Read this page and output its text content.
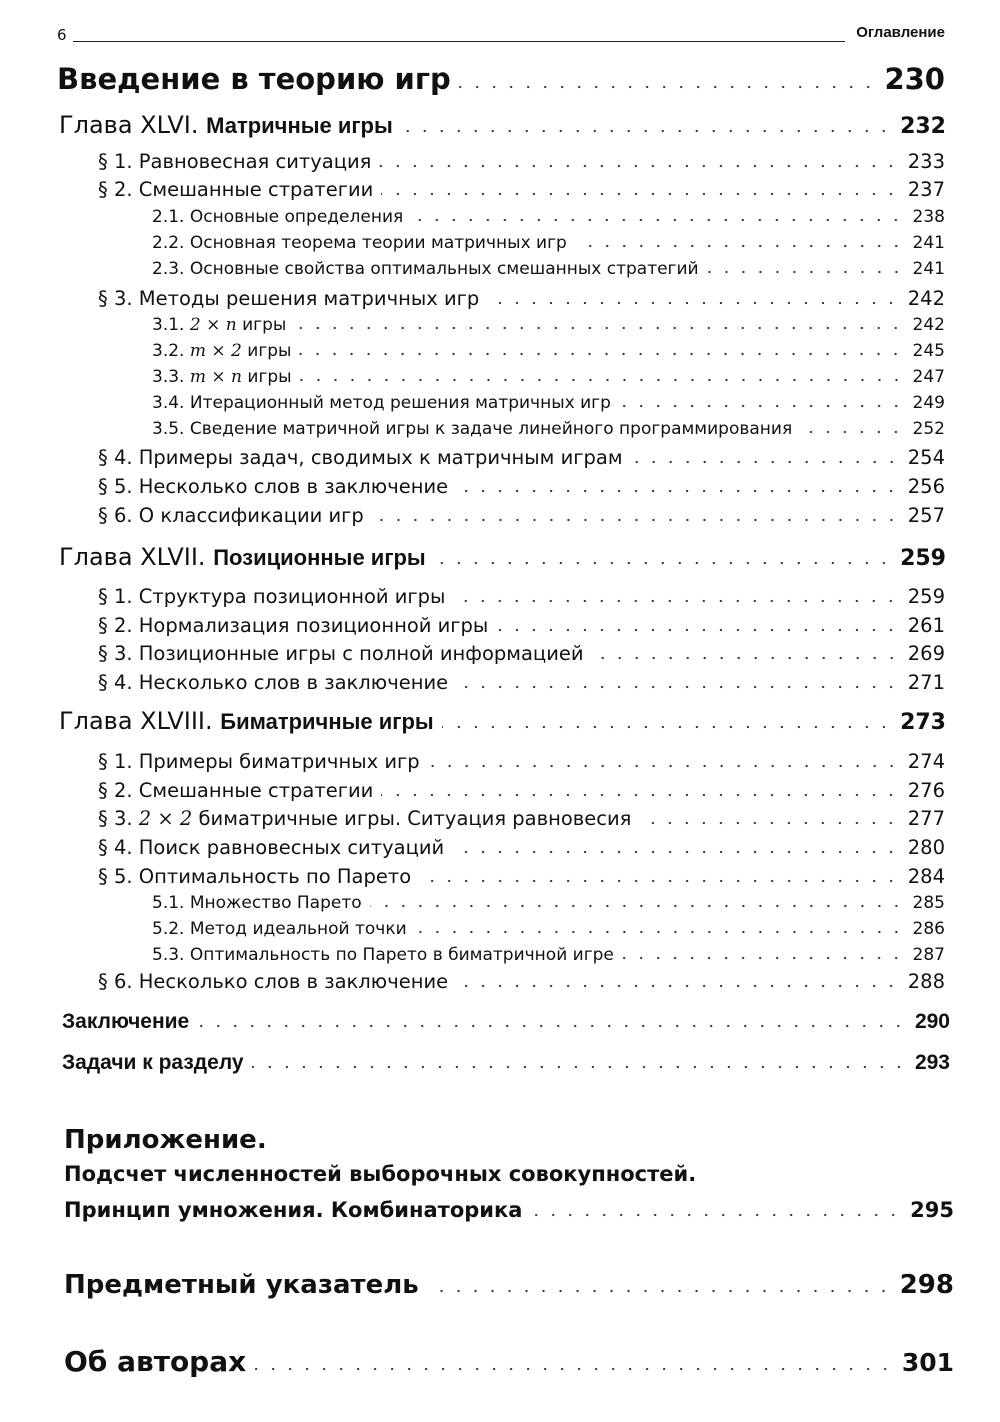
6	Оглавление
Введение в теорию игр	230
Глава XLVI. Матричные игры	232
§ 1. Равновесная ситуация	233
§ 2. Смешанные стратегии	237
2.1. Основные определения	238
2.2. Основная теорема теории матричных игр	241
2.3. Основные свойства оптимальных смешанных стратегий	241
§ 3. Методы решения матричных игр	242
3.1. 2 × n игры	242
3.2. m × 2 игры	245
3.3. m × n игры	247
3.4. Итерационный метод решения матричных игр	249
3.5. Сведение матричной игры к задаче линейного программирования	252
§ 4. Примеры задач, сводимых к матричным играм	254
§ 5. Несколько слов в заключение	256
§ 6. О классификации игр	257
Глава XLVII. Позиционные игры	259
§ 1. Структура позиционной игры	259
§ 2. Нормализация позиционной игры	261
§ 3. Позиционные игры с полной информацией	269
§ 4. Несколько слов в заключение	271
Глава XLVIII. Биматричные игры	273
§ 1. Примеры биматричных игр	274
§ 2. Смешанные стратегии	276
§ 3. 2 × 2 биматричные игры. Ситуация равновесия	277
§ 4. Поиск равновесных ситуаций	280
§ 5. Оптимальность по Парето	284
5.1. Множество Парето	285
5.2. Метод идеальной точки	286
5.3. Оптимальность по Парето в биматричной игре	287
§ 6. Несколько слов в заключение	288
Заключение	290
Задачи к разделу	293
Приложение.
Подсчет численностей выборочных совокупностей.
Принцип умножения. Комбинаторика	295
Предметный указатель	298
Об авторах	301
